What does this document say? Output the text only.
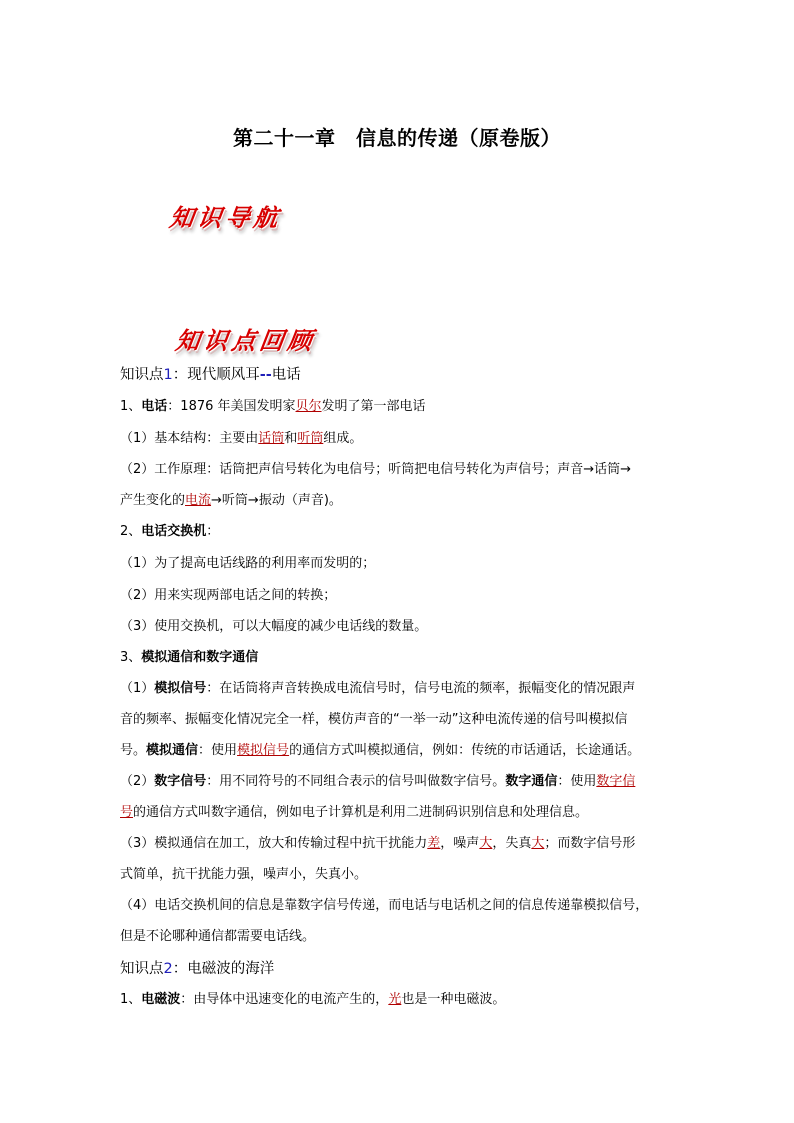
第二十一章　信息的传递（原卷版）
知识导航
知识点回顾
知识点1：现代顺风耳--电话
1、电话：1876 年美国发明家贝尔发明了第一部电话
（1）基本结构：主要由话筒和听筒组成。
（2）工作原理：话筒把声信号转化为电信号；听筒把电信号转化为声信号；声音→话筒→
产生变化的电流→听筒→振动（声音)。
2、电话交换机：
（1）为了提高电话线路的利用率而发明的；
（2）用来实现两部电话之间的转换；
（3）使用交换机，可以大幅度的减少电话线的数量。
3、模拟通信和数字通信
（1）模拟信号：在话筒将声音转换成电流信号时，信号电流的频率，振幅变化的情况跟声
音的频率、振幅变化情况完全一样，模仿声音的“一举一动”这种电流传递的信号叫模拟信
号。模拟通信：使用模拟信号的通信方式叫模拟通信，例如：传统的市话通话，长途通话。
（2）数字信号：用不同符号的不同组合表示的信号叫做数字信号。数字通信：使用数字信
号的通信方式叫数字通信，例如电子计算机是利用二进制码识别信息和处理信息。
（3）模拟通信在加工，放大和传输过程中抗干扰能力差，噪声大，失真大；而数字信号形
式简单，抗干扰能力强，噪声小，失真小。
（4）电话交换机间的信息是靠数字信号传递，而电话与电话机之间的信息传递靠模拟信号，
但是不论哪种通信都需要电话线。
知识点2：电磁波的海洋
1、电磁波：由导体中迅速变化的电流产生的，光也是一种电磁波。
